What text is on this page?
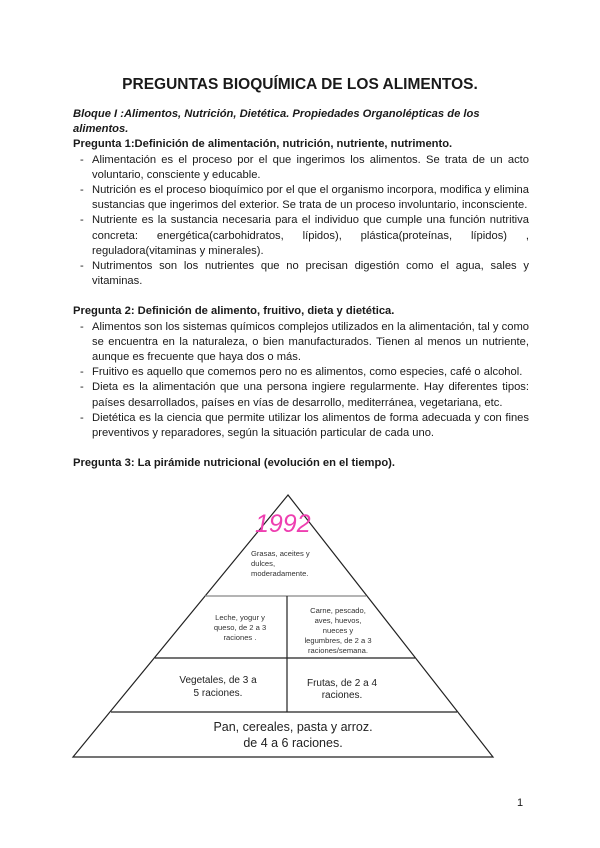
PREGUNTAS BIOQUÍMICA DE LOS ALIMENTOS.
Bloque I :Alimentos, Nutrición, Dietética. Propiedades Organolépticas de los alimentos.
Pregunta 1:Definición de alimentación, nutrición, nutriente, nutrimento.
- Alimentación es el proceso por el que ingerimos los alimentos. Se trata de un acto voluntario, consciente y educable.
- Nutrición es el proceso bioquímico por el que el organismo incorpora, modifica y elimina sustancias que ingerimos del exterior. Se trata de un proceso involuntario, inconsciente.
- Nutriente es la sustancia necesaria para el individuo que cumple una función nutritiva concreta: energética(carbohidratos, lípidos), plástica(proteínas, lípidos) , reguladora(vitaminas y minerales).
- Nutrimentos son los nutrientes que no precisan digestión como el agua, sales y vitaminas.
Pregunta 2: Definición de alimento, fruitivo, dieta y dietética.
- Alimentos son los sistemas químicos complejos utilizados en la alimentación, tal y como se encuentra en la naturaleza, o bien manufacturados. Tienen al menos un nutriente, aunque es frecuente que haya dos o más.
- Fruitivo es aquello que comemos pero no es alimentos, como especies, café o alcohol.
- Dieta es la alimentación que una persona ingiere regularmente. Hay diferentes tipos: países desarrollados, países en vías de desarrollo, mediterránea, vegetariana, etc.
- Dietética es la ciencia que permite utilizar los alimentos de forma adecuada y con fines preventivos y reparadores, según la situación particular de cada uno.
Pregunta 3: La pirámide nutricional (evolución en el tiempo).
1992
Grasas, aceites y
dulces,
moderadamente.
Leche, yogur y
queso, de 2 a 3
raciones .
Carne, pescado,
aves, huevos,
nueces y
legumbres, de 2 a 3
raciones/semana.
Vegetales, de 3 a
5 raciones.
Frutas, de 2 a 4
raciones.
Pan, cereales, pasta y arroz.
de 4 a 6 raciones.
1
